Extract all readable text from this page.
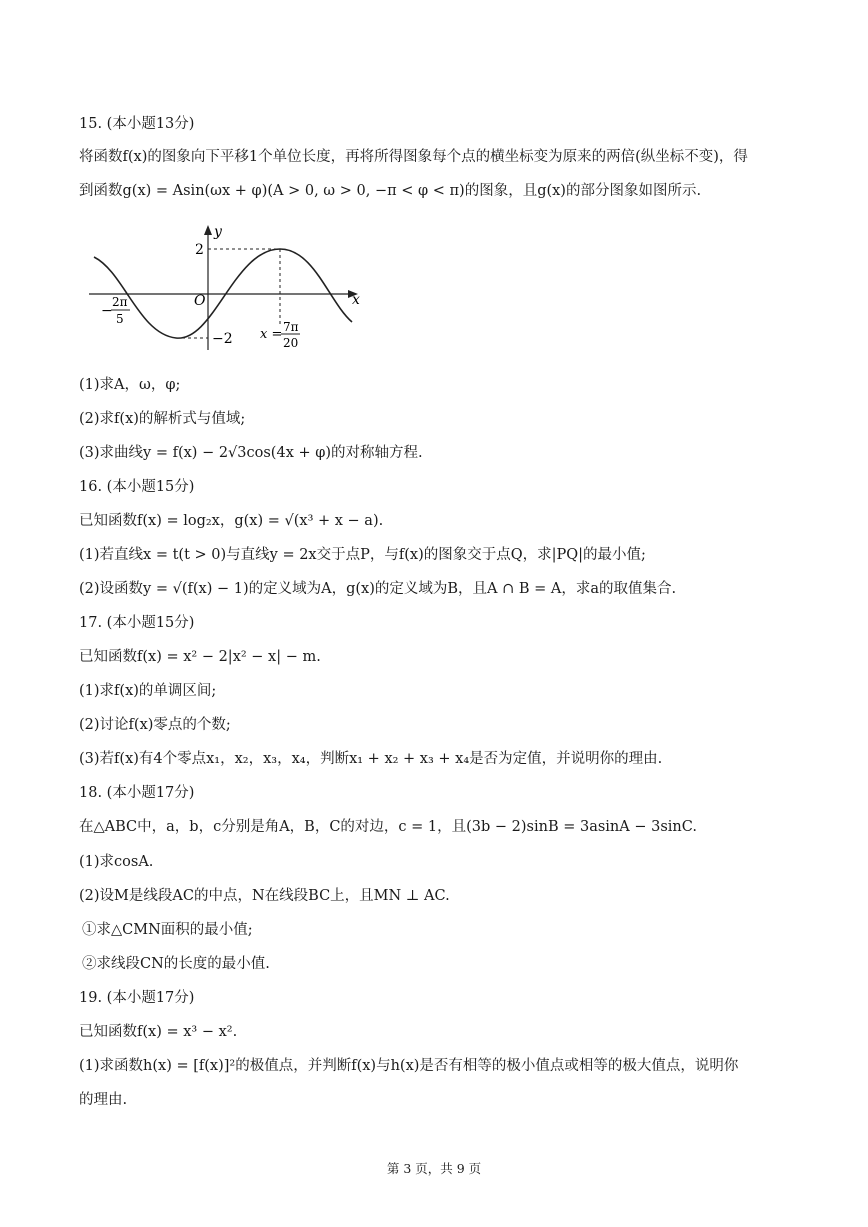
15. (本小题13分)
将函数f(x)的图象向下平移1个单位长度，再将所得图象每个点的横坐标变为原来的两倍(纵坐标不变)，得
到函数g(x) = Asin(ωx + φ)(A > 0, ω > 0, −π < φ < π)的图象，且g(x)的部分图象如图所示.
y
x
O
2
−2
−
2π
5
x = 7π
20
(1)求A，ω，φ;
(2)求f(x)的解析式与值域;
(3)求曲线y = f(x) − 2√3cos(4x + φ)的对称轴方程.
16. (本小题15分)
已知函数f(x) = log₂x，g(x) = √(x³ + x − a).
(1)若直线x = t(t > 0)与直线y = 2x交于点P，与f(x)的图象交于点Q，求|PQ|的最小值;
(2)设函数y = √(f(x) − 1)的定义域为A，g(x)的定义域为B，且A ∩ B = A，求a的取值集合.
17. (本小题15分)
已知函数f(x) = x² − 2|x² − x| − m.
(1)求f(x)的单调区间;
(2)讨论f(x)零点的个数;
(3)若f(x)有4个零点x₁，x₂，x₃，x₄，判断x₁ + x₂ + x₃ + x₄是否为定值，并说明你的理由.
18. (本小题17分)
在△ABC中，a，b，c分别是角A，B，C的对边，c = 1，且(3b − 2)sinB = 3asinA − 3sinC.
(1)求cosA.
(2)设M是线段AC的中点，N在线段BC上，且MN ⊥ AC.
①求△CMN面积的最小值;
②求线段CN的长度的最小值.
19. (本小题17分)
已知函数f(x) = x³ − x².
(1)求函数h(x) = [f(x)]²的极值点，并判断f(x)与h(x)是否有相等的极小值点或相等的极大值点，说明你
的理由.
第 3 页，共 9 页
